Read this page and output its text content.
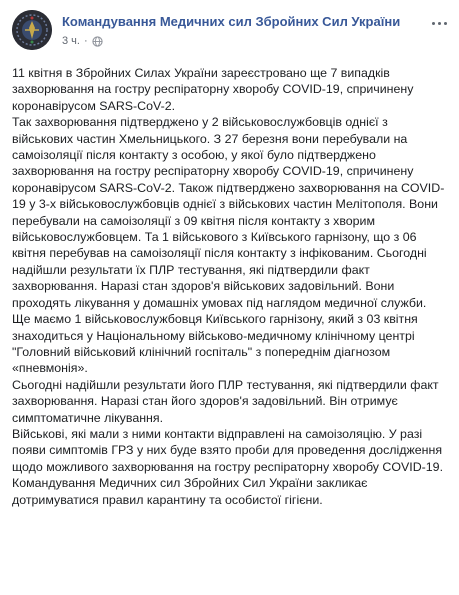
Командування Медичних сил Збройних Сил України
3 ч. ·

11 квітня в Збройних Силах України зареєстровано ще 7 випадків захворювання на гостру респіраторну хворобу COVID-19, спричинену коронавірусом SARS-CoV-2.

Так захворювання підтверджено у 2 військовослужбовців однієї з військових частин Хмельницького. З 27 березня вони перебували на самоізоляції після контакту з особою, у якої було підтверджено захворювання на гостру респіраторну хворобу COVID-19, спричинену коронавірусом SARS-CoV-2. Також підтверджено захворювання на COVID-19 у 3-х військовослужбовців однієї з військових частин Мелітополя. Вони перебували на самоізоляції з 09 квітня після контакту з хворим військовослужбовцем. Та 1 військового з Київського гарнізону, що з 06 квітня перебував на самоізоляції після контакту з інфікованим. Сьогодні надійшли результати їх ПЛР тестування, які підтвердили факт захворювання. Наразі стан здоров'я військових задовільний. Вони проходять лікування у домашніх умовах під наглядом медичної служби.

Ще маємо 1 військовослужбовця Київського гарнізону, який з 03 квітня знаходиться у Національному військово-медичному клінічному центрі "Головний військовий клінічний госпіталь" з попереднім діагнозом «пневмонія».

Сьогодні надійшли результати його ПЛР тестування, які підтвердили факт захворювання. Наразі стан його здоров'я задовільний. Він отримує симптоматичне лікування.

Військові, які мали з ними контакти відправлені на самоізоляцію. У разі появи симптомів ГРЗ у них буде взято проби для проведення дослідження щодо можливого захворювання на гостру респіраторну хворобу COVID-19.

Командування Медичних сил Збройних Сил України закликає дотримуватися правил карантину та особистої гігієни.
